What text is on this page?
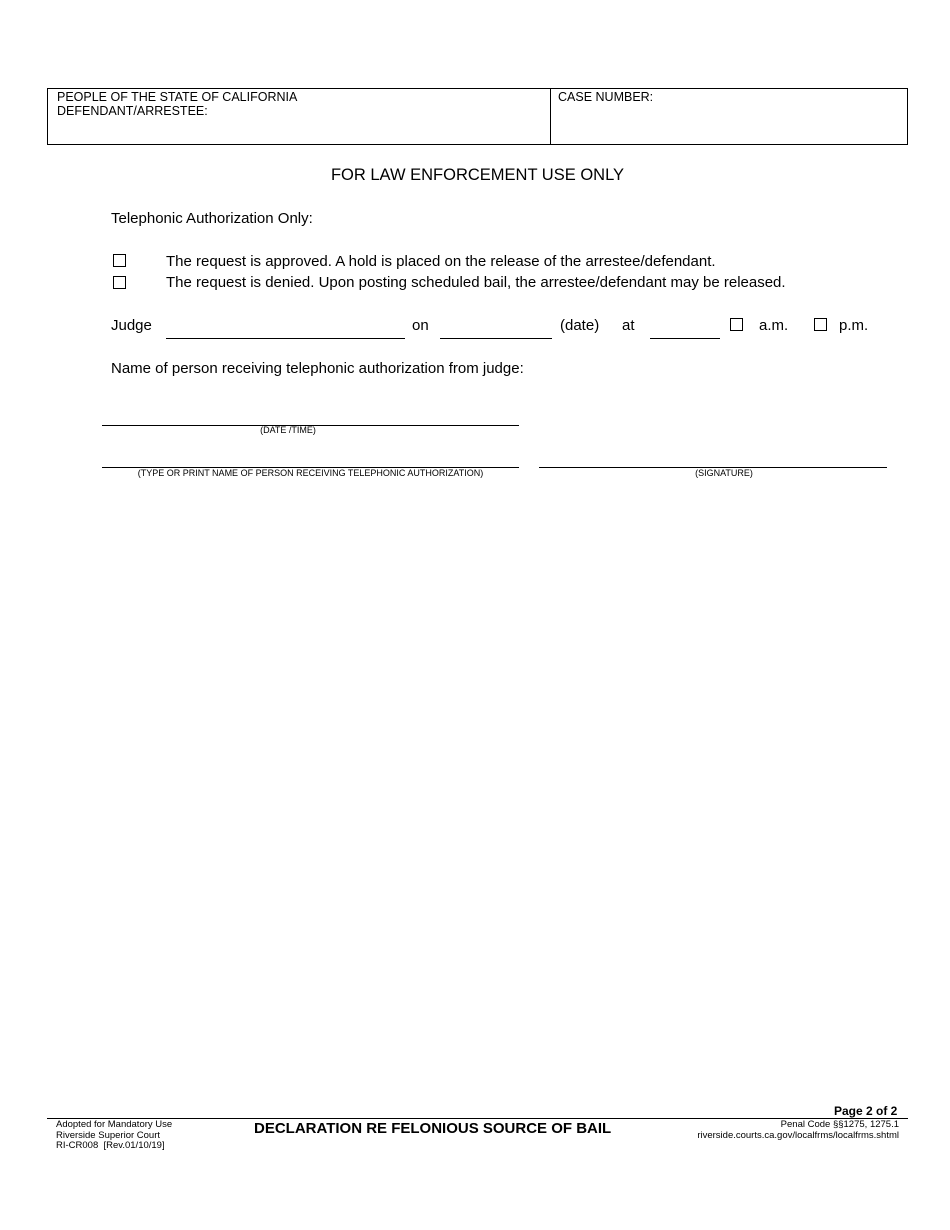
PEOPLE OF THE STATE OF CALIFORNIA
DEFENDANT/ARRESTEE:
CASE NUMBER:
FOR LAW ENFORCEMENT USE ONLY
Telephonic Authorization Only:
The request is approved. A hold is placed on the release of the arrestee/defendant.
The request is denied. Upon posting scheduled bail, the arrestee/defendant may be released.
Judge	on	(date) at	a.m.	p.m.
Name of person receiving telephonic authorization from judge:
(DATE /TIME)
(TYPE OR PRINT NAME OF PERSON RECEIVING TELEPHONIC AUTHORIZATION)	(SIGNATURE)
Page 2 of 2
Adopted for Mandatory Use
Riverside Superior Court
RI-CR008  [Rev.01/10/19]
DECLARATION RE FELONIOUS SOURCE OF BAIL	Penal Code §§1275, 1275.1
riverside.courts.ca.gov/localfrms/localfrms.shtml
